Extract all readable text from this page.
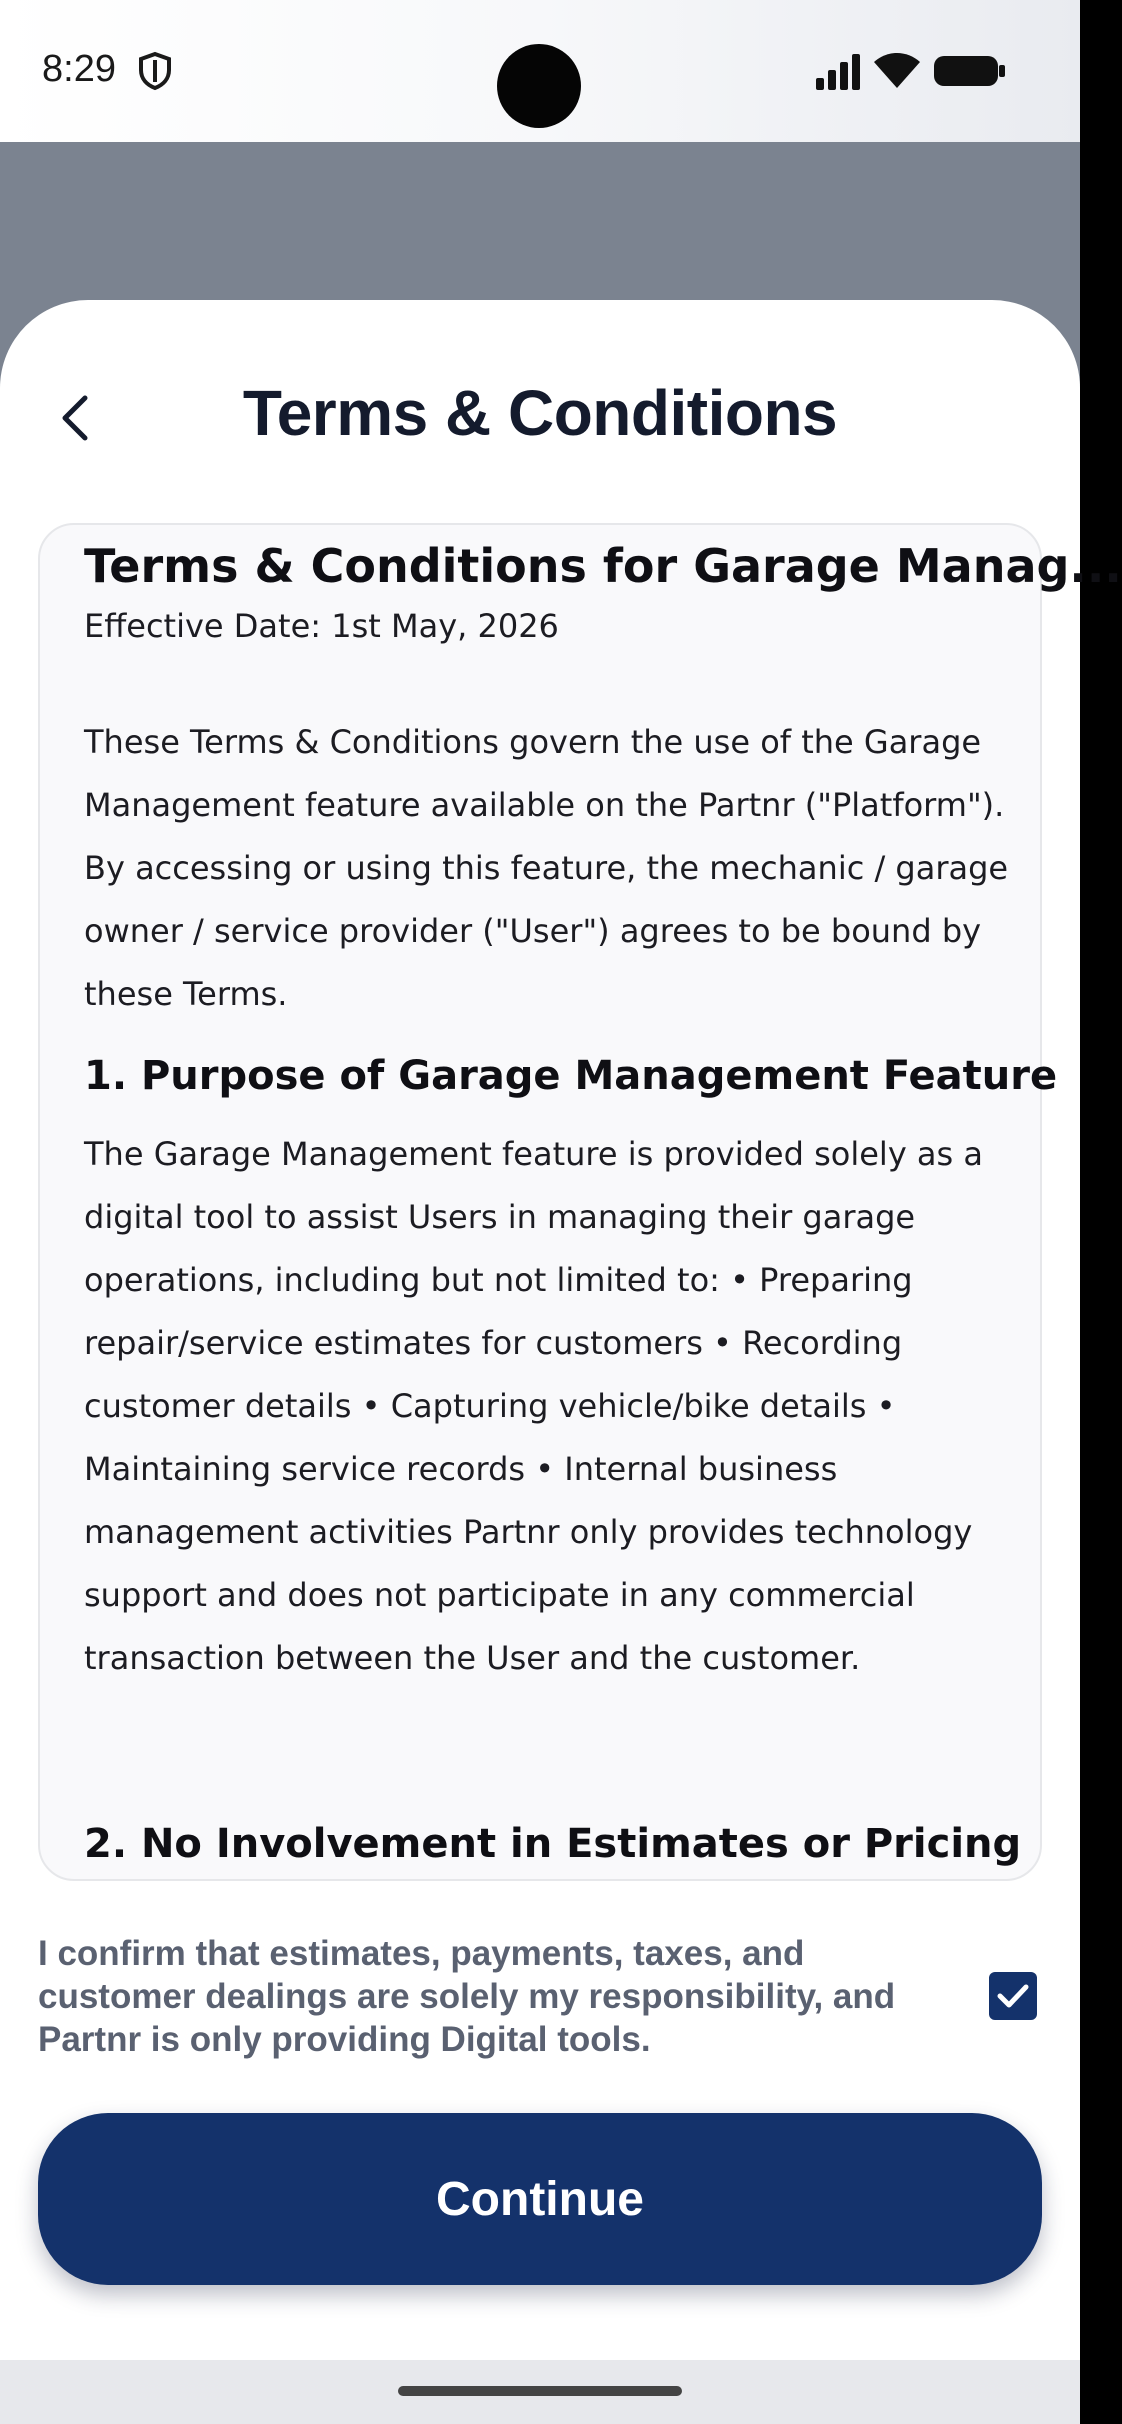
8:29
Terms & Conditions
Terms & Conditions for Garage Manag...
Effective Date: 1st May, 2026
These Terms & Conditions govern the use of the Garage Management feature available on the Partnr ("Platform"). By accessing or using this feature, the mechanic / garage owner / service provider ("User") agrees to be bound by these Terms.
1. Purpose of Garage Management Feature
The Garage Management feature is provided solely as a digital tool to assist Users in managing their garage operations, including but not limited to: • Preparing repair/service estimates for customers • Recording customer details • Capturing vehicle/bike details • Maintaining service records • Internal business management activities Partnr only provides technology support and does not participate in any commercial transaction between the User and the customer.
2. No Involvement in Estimates or Pricing
I confirm that estimates, payments, taxes, and customer dealings are solely my responsibility, and Partnr is only providing Digital tools.
Continue
